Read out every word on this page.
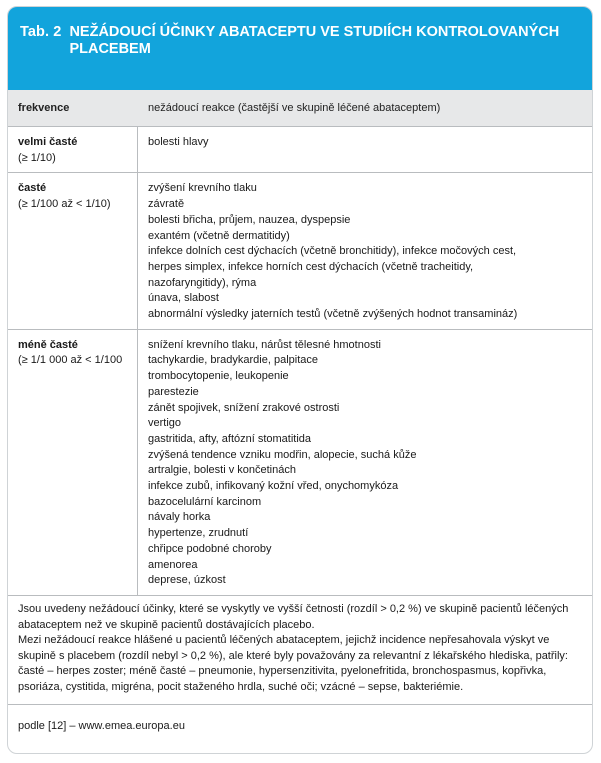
Tab. 2 NEŽÁDOUCÍ ÚČINKY ABATACEPTU VE STUDIÍCH KONTROLOVANÝCH PLACEBEM
frekvence	nežádoucí reakce (častější ve skupině léčené abataceptem)
velmi časté
(≥ 1/10)
bolesti hlavy
časté
(≥ 1/100 až < 1/10)
zvýšení krevního tlaku
závratě
bolesti břicha, průjem, nauzea, dyspepsie
exantém (včetně dermatitidy)
infekce dolních cest dýchacích (včetně bronchitidy), infekce močových cest,
herpes simplex, infekce horních cest dýchacích (včetně tracheitidy,
nazofaryngitidy), rýma
únava, slabost
abnormální výsledky jaterních testů (včetně zvýšených hodnot transamináz)
méně časté
(≥ 1/1 000 až < 1/100
snížení krevního tlaku, nárůst tělesné hmotnosti
tachykardie, bradykardie, palpitace
trombocytopenie, leukopenie
parestezie
zánět spojivek, snížení zrakové ostrosti
vertigo
gastritida, afty, aftózní stomatitida
zvýšená tendence vzniku modřin, alopecie, suchá kůže
artralgie, bolesti v končetinách
infekce zubů, infikovaný kožní vřed, onychomykóza
bazocelulární karcinom
návaly horka
hypertenze, zrudnutí
chřipce podobné choroby
amenorea
deprese, úzkost

Jsou uvedeny nežádoucí účinky, které se vyskytly ve vyšší četnosti (rozdíl > 0,2 %) ve skupině pacientů léčených abataceptem než ve skupině pacientů dostávajících placebo.

Mezi nežádoucí reakce hlášené u pacientů léčených abataceptem, jejichž incidence nepřesahovala výskyt ve skupině s placebem (rozdíl nebyl > 0,2 %), ale které byly považovány za relevantní z lékařského hlediska, patřily: časté – herpes zoster; méně časté – pneumonie, hypersenzitivita, pyelonefritida, bronchospasmus, kopřivka, psoriáza, cystitida, migréna, pocit staženého hrdla, suché oči; vzácné – sepse, bakteriémie.

podle [12] – www.emea.europa.eu
